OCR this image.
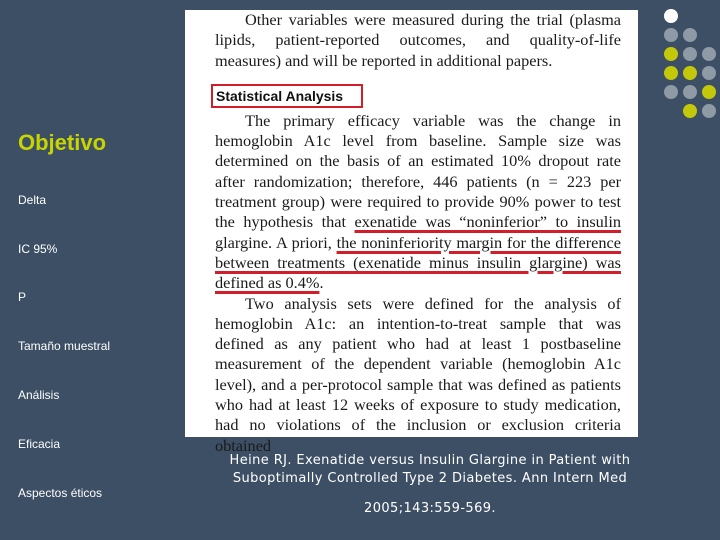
Objetivo
Delta
IC 95%
P
Tamaño muestral
Análisis
Eficacia
Aspectos éticos

Other variables were measured during the trial (plasma lipids, patient-reported outcomes, and quality-of-life measures) and will be reported in additional papers.

Statistical Analysis

The primary efficacy variable was the change in hemoglobin A1c level from baseline. Sample size was determined on the basis of an estimated 10% dropout rate after randomization; therefore, 446 patients (n = 223 per treatment group) were required to provide 90% power to test the hypothesis that exenatide was “noninferior” to insulin glargine. A priori, the noninferiority margin for the difference between treatments (exenatide minus insulin glargine) was defined as 0.4%.

Two analysis sets were defined for the analysis of hemoglobin A1c: an intention-to-treat sample that was defined as any patient who had at least 1 postbaseline measurement of the dependent variable (hemoglobin A1c level), and a per-protocol sample that was defined as patients who had at least 12 weeks of exposure to study medication, had no violations of the inclusion or exclusion criteria obtained

Heine RJ. Exenatide versus Insulin Glargine in Patient with Suboptimally Controlled Type 2 Diabetes. Ann Intern Med
2005;143:559-569.
